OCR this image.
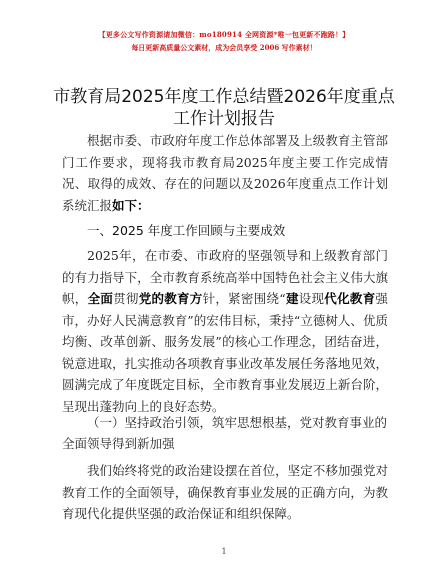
【更多公文写作资源请加微信：mo180914 全网资源*唯一包更新不跑路！】
每日更新高质量公文素材，成为会员享受 2006 写作素材！
市教育局2025年度工作总结暨2026年度重点
工作计划报告
根据市委、市政府年度工作总体部署及上级教育主管部门工作要求，现将我市教育局2025年度主要工作完成情况、取得的成效、存在的问题以及2026年度重点工作计划系统汇报如下：
一、2025 年度工作回顾与主要成效
2025年，在市委、市政府的坚强领导和上级教育部门的有力指导下，全市教育系统高举中国特色社会主义伟大旗帜，全面贯彻党的教育方针，紧密围绕“建设现代化教育强市，办好人民满意教育”的宏伟目标，秉持“立德树人、优质均衡、改革创新、服务发展”的核心工作理念，团结奋进，锐意进取，扎实推动各项教育事业改革发展任务落地见效，圆满完成了年度既定目标，全市教育事业发展迈上新台阶，呈现出蓬勃向上的良好态势。
（一）坚持政治引领，筑牢思想根基，党对教育事业的全面领导得到新加强
我们始终将党的政治建设摆在首位，坚定不移加强党对教育工作的全面领导，确保教育事业发展的正确方向，为教育现代化提供坚强的政治保证和组织保障。
1
